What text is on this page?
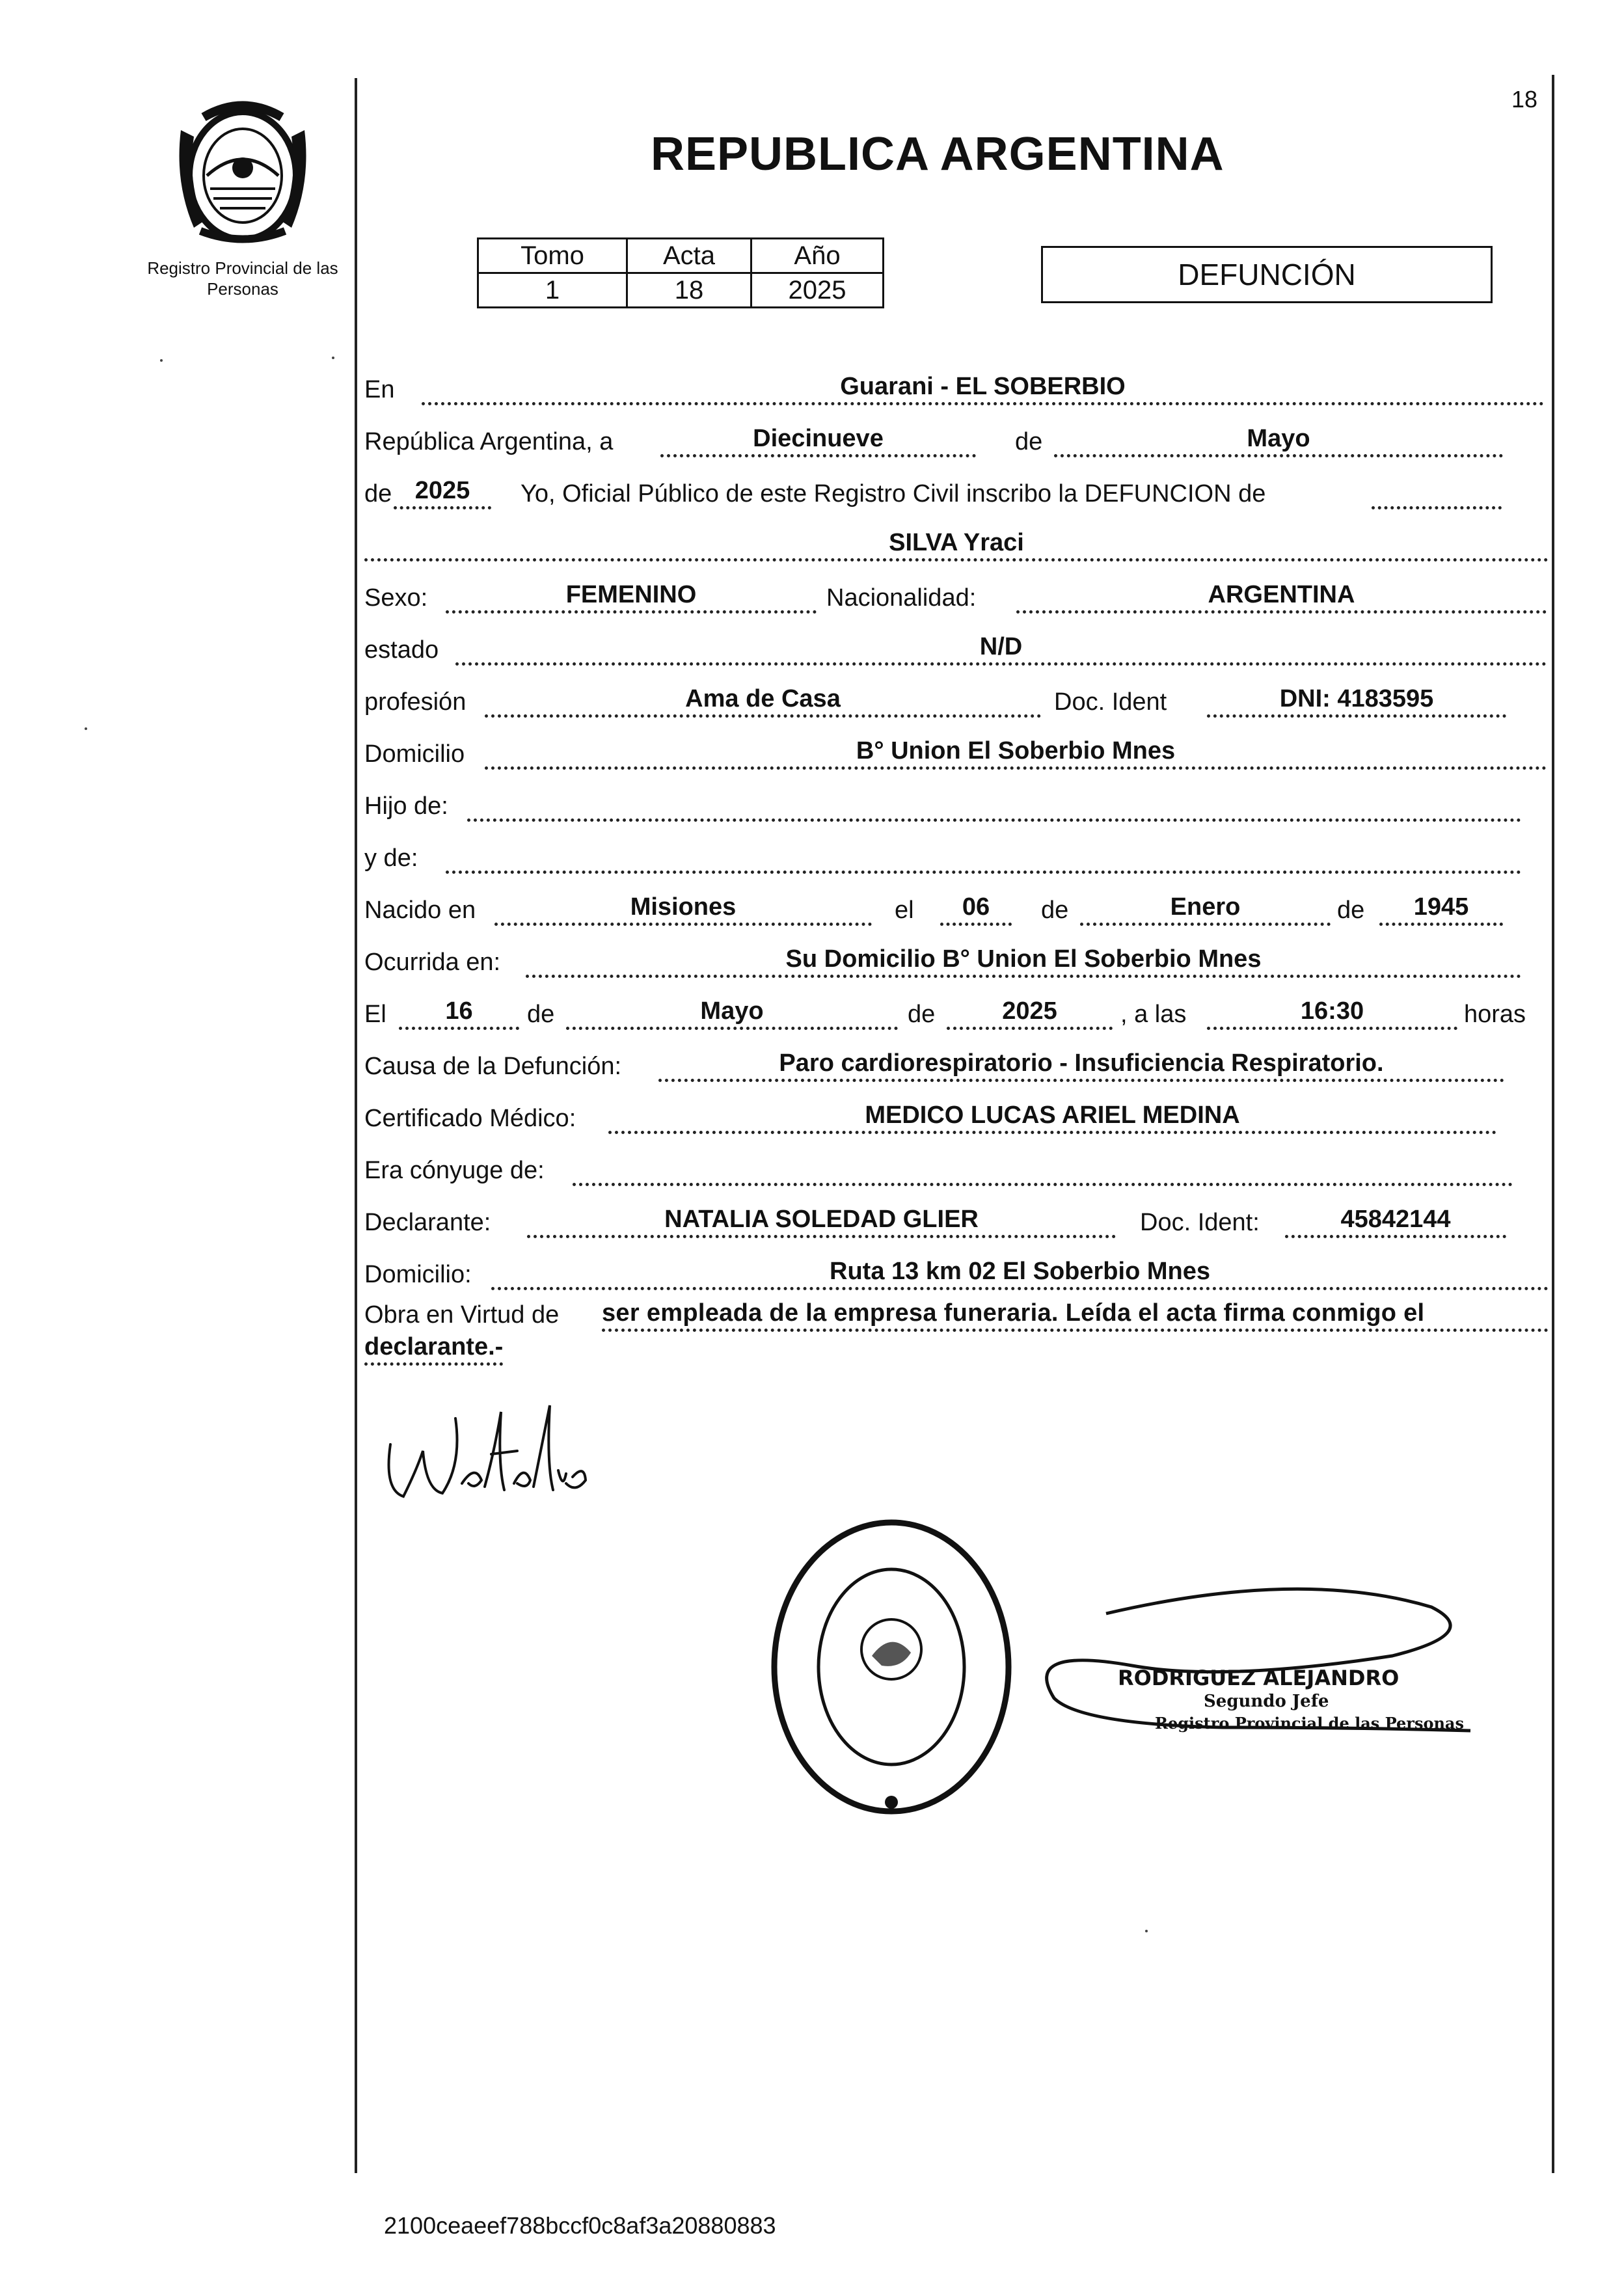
Registro Provincial de las Personas
18
REPUBLICA ARGENTINA
Tomo	Acta	Año
1	18	2025	DEFUNCIÓN
En	Guarani - EL SOBERBIO
República Argentina, a	Diecinueve	de	Mayo
de 2025	Yo, Oficial Público de este Registro Civil inscribo la DEFUNCION de
SILVA Yraci
Sexo:	FEMENINO	Nacionalidad:	ARGENTINA
estado	N/D
profesión	Ama de Casa	Doc. Ident	DNI: 4183595
Domicilio	B° Union El Soberbio Mnes
Hijo de:
y de:
Nacido en	Misiones	el	06	de	Enero	de	1945
Ocurrida en:	Su Domicilio B° Union El Soberbio Mnes
El	16	de	Mayo	de	2025	, a las	16:30	horas
Causa de la Defunción:	Paro cardiorespiratorio - Insuficiencia Respiratorio.
Certificado Médico:	MEDICO LUCAS ARIEL MEDINA
Era cónyuge de:
Declarante:	NATALIA SOLEDAD GLIER	Doc. Ident:	45842144
Domicilio:	Ruta 13 km 02 El Soberbio Mnes
Obra en Virtud de ser empleada de la empresa funeraria. Leída el acta firma conmigo el
declarante.-
RODRIGUEZ ALEJANDRO
Segundo Jefe
Registro Provincial de las Personas
2100ceaeef788bccf0c8af3a20880883
